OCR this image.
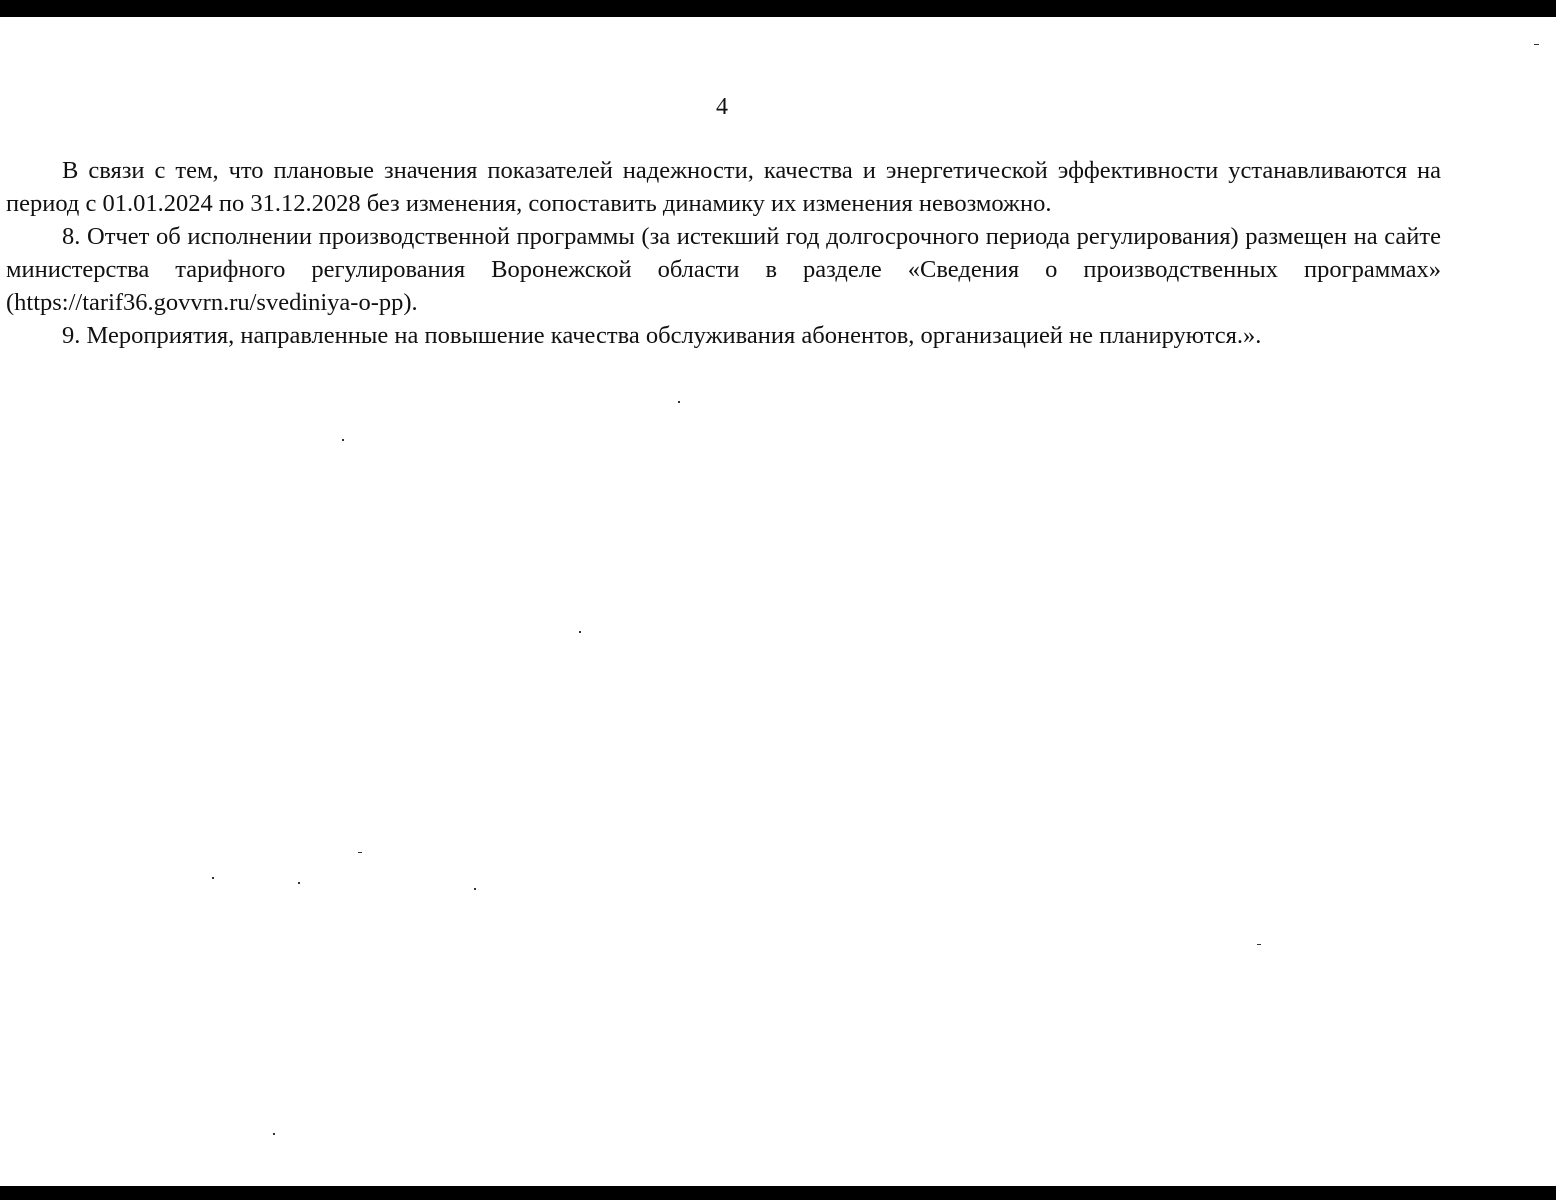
4

В связи с тем, что плановые значения показателей надежности, качества и энергетической эффективности устанавливаются на период с 01.01.2024 по 31.12.2028 без изменения, сопоставить динамику их изменения невозможно.

8. Отчет об исполнении производственной программы (за истекший год долгосрочного периода регулирования) размещен на сайте министерства тарифного регулирования Воронежской области в разделе «Сведения о производственных программах» (https://tarif36.govvrn.ru/svediniya-o-pp).

9. Мероприятия, направленные на повышение качества обслуживания абонентов, организацией не планируются.».
